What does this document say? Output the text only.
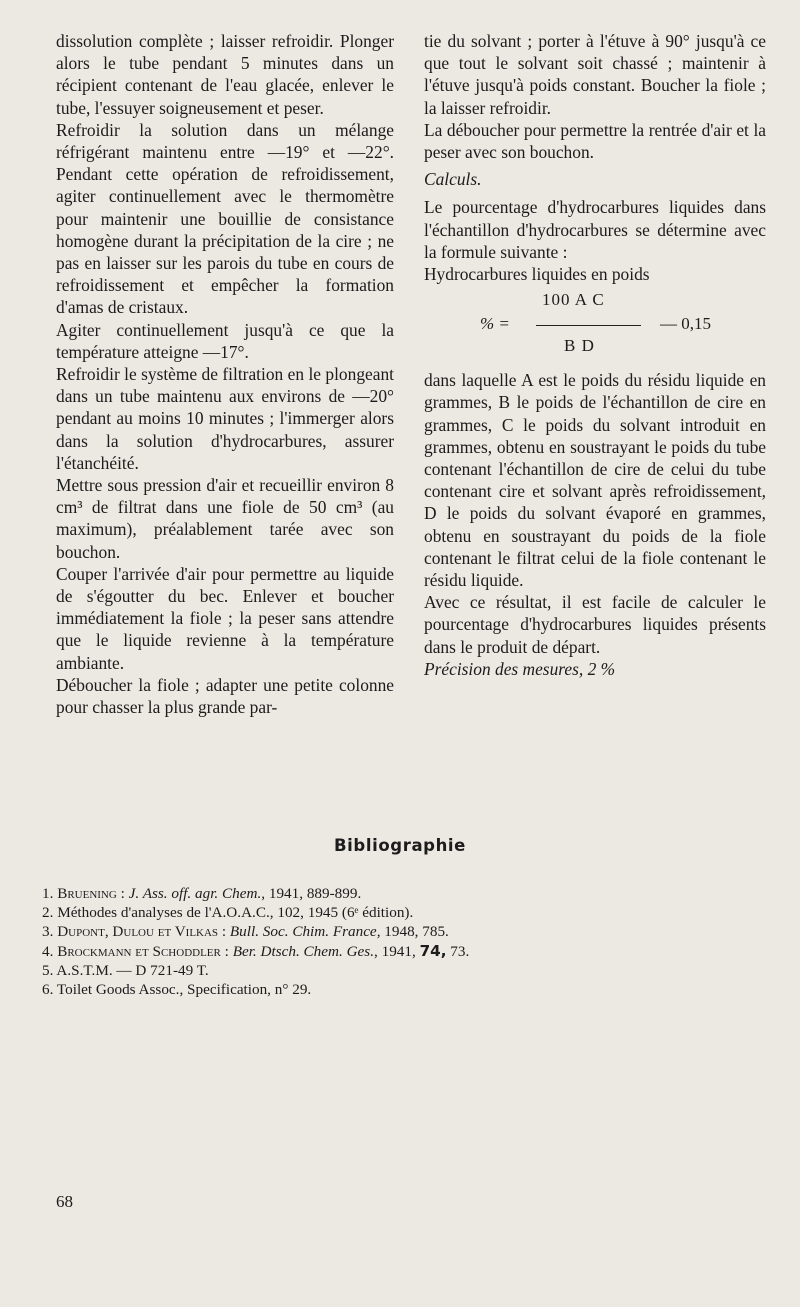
dissolution complète ; laisser refroidir. Plonger alors le tube pendant 5 minutes dans un récipient contenant de l'eau glacée, enlever le tube, l'essuyer soigneusement et peser.

Refroidir la solution dans un mélange réfrigérant maintenu entre —19° et —22°. Pendant cette opération de refroidissement, agiter continuellement avec le thermomètre pour maintenir une bouillie de consistance homogène durant la précipitation de la cire ; ne pas en laisser sur les parois du tube en cours de refroidissement et empêcher la formation d'amas de cristaux.

Agiter continuellement jusqu'à ce que la température atteigne —17°.

Refroidir le système de filtration en le plongeant dans un tube maintenu aux environs de —20° pendant au moins 10 minutes ; l'immerger alors dans la solution d'hydrocarbures, assurer l'étanchéité.

Mettre sous pression d'air et recueillir environ 8 cm³ de filtrat dans une fiole de 50 cm³ (au maximum), préalablement tarée avec son bouchon.

Couper l'arrivée d'air pour permettre au liquide de s'égoutter du bec. Enlever et boucher immédiatement la fiole ; la peser sans attendre que le liquide revienne à la température ambiante.

Déboucher la fiole ; adapter une petite colonne pour chasser la plus grande par-

tie du solvant ; porter à l'étuve à 90° jusqu'à ce que tout le solvant soit chassé ; maintenir à l'étuve jusqu'à poids constant. Boucher la fiole ; la laisser refroidir.

La déboucher pour permettre la rentrée d'air et la peser avec son bouchon.

Calculs.

Le pourcentage d'hydrocarbures liquides dans l'échantillon d'hydrocarbures se détermine avec la formule suivante :

Hydrocarbures liquides en poids

100 A C
% =	— 0,15
B D

dans laquelle A est le poids du résidu liquide en grammes, B le poids de l'échantillon de cire en grammes, C le poids du solvant introduit en grammes, obtenu en soustrayant le poids du tube contenant l'échantillon de cire de celui du tube contenant cire et solvant après refroidissement, D le poids du solvant évaporé en grammes, obtenu en soustrayant du poids de la fiole contenant le filtrat celui de la fiole contenant le résidu liquide.

Avec ce résultat, il est facile de calculer le pourcentage d'hydrocarbures liquides présents dans le produit de départ.

Précision des mesures, 2 %

Bibliographie
1. Bruening : J. Ass. off. agr. Chem., 1941, 889-899.
2. Méthodes d'analyses de l'A.O.A.C., 102, 1945 (6ᵉ édition).
3. Dupont, Dulou et Vilkas : Bull. Soc. Chim. France, 1948, 785.
4. Brockmann et Schoddler : Ber. Dtsch. Chem. Ges., 1941, 74, 73.
5. A.S.T.M. — D 721-49 T.
6. Toilet Goods Assoc., Specification, n° 29.
68
